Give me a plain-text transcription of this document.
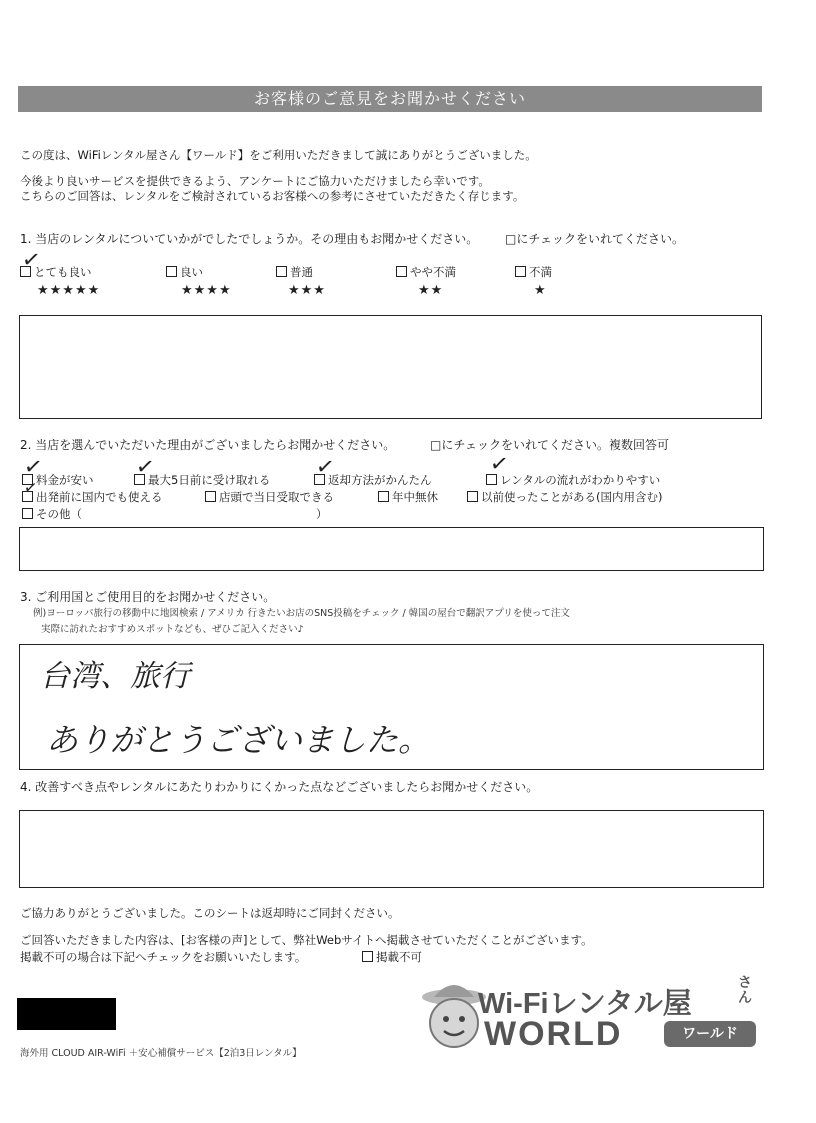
お客様のご意見をお聞かせください
この度は、WiFiレンタル屋さん【ワールド】をご利用いただきまして誠にありがとうございました。
今後より良いサービスを提供できるよう、アンケートにご協力いただけましたら幸いです。
こちらのご回答は、レンタルをご検討されているお客様への参考にさせていただきたく存じます。
1. 当店のレンタルについていかがでしたでしょうか。その理由もお聞かせください。 □にチェックをいれてください。
とても良い
★★★★★
✓	良い
★★★★
普通
★★★
やや不満
★★
不満
★
2. 当店を選んでいただいた理由がございましたらお聞かせください。	□にチェックをいれてください。複数回答可
料金が安い
✓	最大5日前に受け取れる
✓	返却方法がかんたん
✓	レンタルの流れがわかりやすい
✓
出発前に国内でも使える
✓	店頭で当日受取できる	年中無休	以前使ったことがある(国内用含む)
その他（	）
3. ご利用国とご使用目的をお聞かせください。
例)ヨーロッパ旅行の移動中に地図検索 / アメリカ 行きたいお店のSNS投稿をチェック / 韓国の屋台で翻訳アプリを使って注文
実際に訪れたおすすめスポットなども、ぜひご記入ください♪
台湾、旅行
ありがとうございました。
4. 改善すべき点やレンタルにあたりわかりにくかった点などございましたらお聞かせください。
ご協力ありがとうございました。このシートは返却時にご同封ください。
ご回答いただきました内容は、[お客様の声]として、弊社Webサイトへ掲載させていただくことがございます。
掲載不可の場合は下記へチェックをお願いいたします。	掲載不可
海外用 CLOUD AIR-WiFi ＋安心補償サービス【2泊3日レンタル】
Wi-Fiレンタル屋
さん
WORLD	ワールド
